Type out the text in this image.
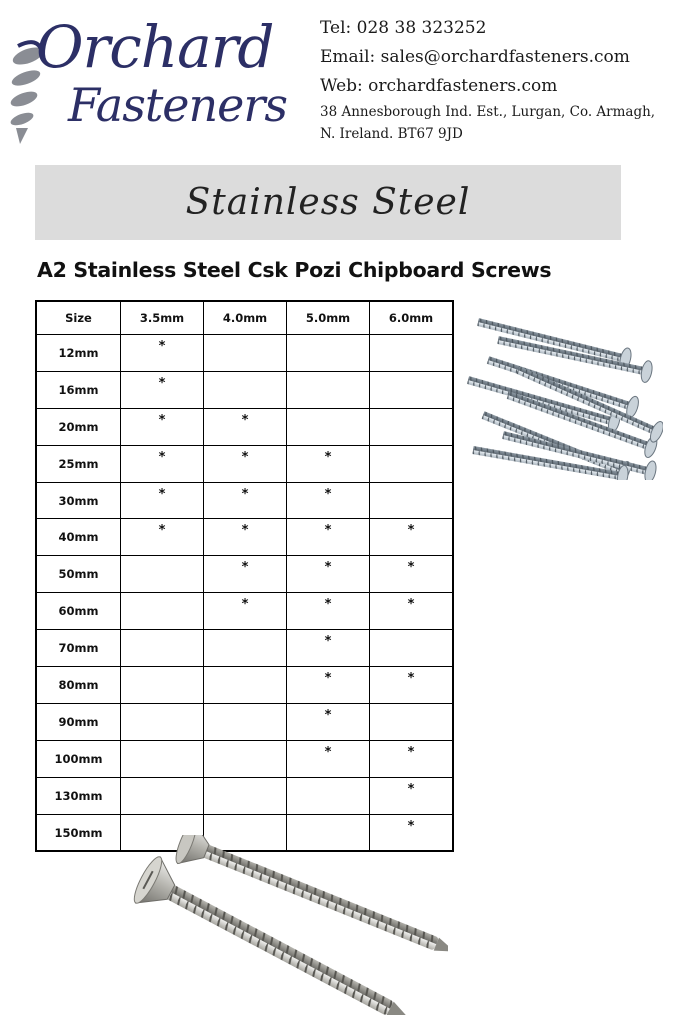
Orchard
Fasteners
Tel: 028 38 323252
Email: sales@orchardfasteners.com
Web: orchardfasteners.com
38 Annesborough Ind. Est., Lurgan, Co. Armagh,
N. Ireland. BT67 9JD
Stainless Steel
A2 Stainless Steel Csk Pozi Chipboard Screws
Size	3.5mm	4.0mm	5.0mm	6.0mm
12mm	*			
16mm	*			
20mm	*	*		
25mm	*	*	*	
30mm	*	*	*	
40mm	*	*	*	*
50mm		*	*	*
60mm		*	*	*
70mm			*	
80mm			*	*
90mm			*	
100mm			*	*
130mm				*
150mm				*
